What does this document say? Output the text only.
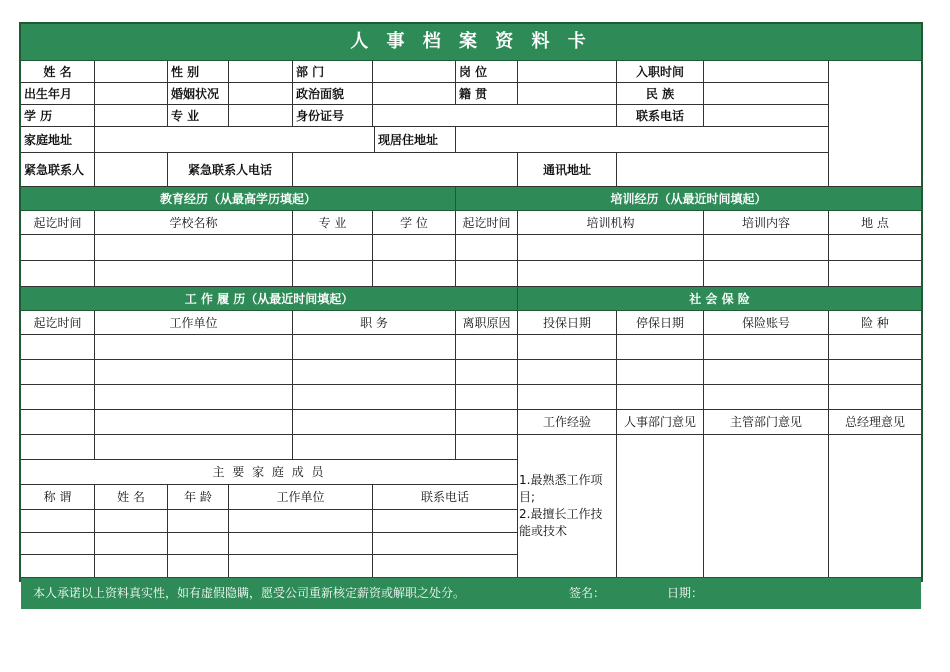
人 事 档 案 资 料 卡
姓 名	性 别	部 门	岗 位	入职时间
出生年月	婚姻状况	政治面貌	籍 贯	民 族
学 历	专 业	身份证号	联系电话
家庭地址	现居住地址
紧急联系人	紧急联系人电话	通讯地址
教育经历（从最高学历填起）	培训经历（从最近时间填起）
起讫时间	学校名称	专 业	学 位	起讫时间	培训机构	培训内容	地 点
工 作 履 历（从最近时间填起）	社 会 保 险
起讫时间	工作单位	职 务	离职原因	投保日期	停保日期	保险账号	险 种
工作经验	人事部门意见	主管部门意见	总经理意见
1.最熟悉工作项目;
2.最擅长工作技能或技术
主 要 家 庭 成 员
称 谓	姓 名	年 龄	工作单位	联系电话
本人承诺以上资料真实性，如有虚假隐瞒，愿受公司重新核定薪资或解职之处分。	签名：	日期：
